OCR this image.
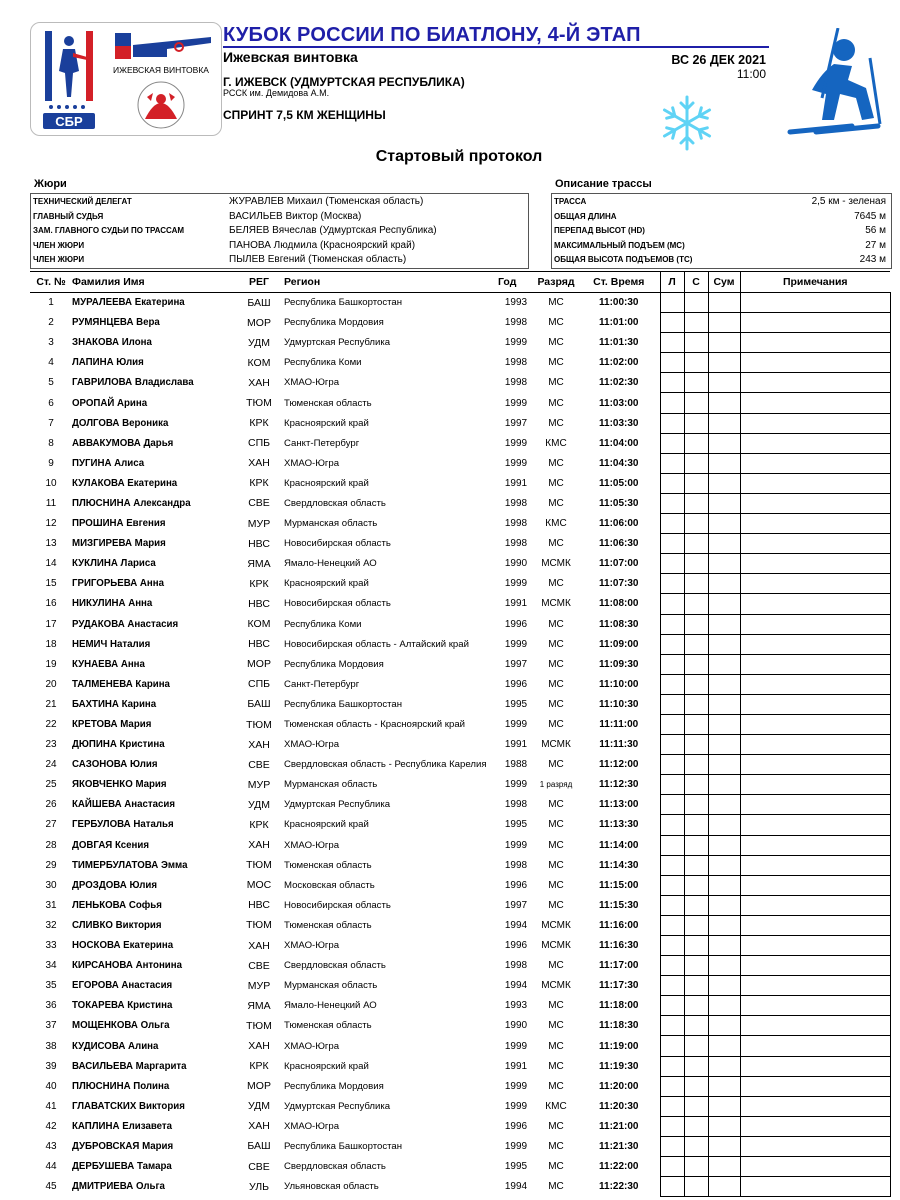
СБР
ИЖЕВСКАЯ ВИНТОВКА
КУБОК РОССИИ ПО БИАТЛОНУ, 4-Й ЭТАП
Ижевская винтовка
Г. ИЖЕВСК (УДМУРТСКАЯ РЕСПУБЛИКА)
РССК им. Демидова А.М.
СПРИНТ 7,5 КМ ЖЕНЩИНЫ
ВС 26 ДЕК 2021
11:00
Стартовый протокол
Жюри
ТЕХНИЧЕСКИЙ ДЕЛЕГАТ	ЖУРАВЛЕВ Михаил (Тюменская область)
ГЛАВНЫЙ СУДЬЯ	ВАСИЛЬЕВ Виктор (Москва)
ЗАМ. ГЛАВНОГО СУДЬИ ПО ТРАССАМ	БЕЛЯЕВ Вячеслав (Удмуртская Республика)
ЧЛЕН ЖЮРИ	ПАНОВА Людмила (Красноярский край)
ЧЛЕН ЖЮРИ	ПЫЛЕВ Евгений (Тюменская область)
Описание трассы
ТРАССА	2,5 км - зеленая
ОБЩАЯ ДЛИНА	7645 м
ПЕРЕПАД ВЫСОТ (HD)	56 м
МАКСИМАЛЬНЫЙ ПОДЪЕМ (МС)	27 м
ОБЩАЯ ВЫСОТА ПОДЪЕМОВ (ТС)	243 м
Ст. №	Фамилия Имя	РЕГ	Регион	Год	Разряд	Ст. Время	Л	С	Сум	Примечания
1	МУРАЛЕЕВА Екатерина	БАШ	Республика Башкортостан	1993	МС	11:00:30				
2	РУМЯНЦЕВА Вера	МОР	Республика Мордовия	1998	МС	11:01:00				
3	ЗНАКОВА Илона	УДМ	Удмуртская Республика	1999	МС	11:01:30				
4	ЛАПИНА Юлия	КОМ	Республика Коми	1998	МС	11:02:00				
5	ГАВРИЛОВА Владислава	ХАН	ХМАО-Югра	1998	МС	11:02:30				
6	ОРОПАЙ Арина	ТЮМ	Тюменская область	1999	МС	11:03:00				
7	ДОЛГОВА Вероника	КРК	Красноярский край	1997	МС	11:03:30				
8	АВВАКУМОВА Дарья	СПБ	Санкт-Петербург	1999	КМС	11:04:00				
9	ПУГИНА Алиса	ХАН	ХМАО-Югра	1999	МС	11:04:30				
10	КУЛАКОВА Екатерина	КРК	Красноярский край	1991	МС	11:05:00				
11	ПЛЮСНИНА Александра	СВЕ	Свердловская область	1998	МС	11:05:30				
12	ПРОШИНА Евгения	МУР	Мурманская область	1998	КМС	11:06:00				
13	МИЗГИРЕВА Мария	НВС	Новосибирская область	1998	МС	11:06:30				
14	КУКЛИНА Лариса	ЯМА	Ямало-Ненецкий АО	1990	МСМК	11:07:00				
15	ГРИГОРЬЕВА Анна	КРК	Красноярский край	1999	МС	11:07:30				
16	НИКУЛИНА Анна	НВС	Новосибирская область	1991	МСМК	11:08:00				
17	РУДАКОВА Анастасия	КОМ	Республика Коми	1996	МС	11:08:30				
18	НЕМИЧ Наталия	НВС	Новосибирская область - Алтайский край	1999	МС	11:09:00				
19	КУНАЕВА Анна	МОР	Республика Мордовия	1997	МС	11:09:30				
20	ТАЛМЕНЕВА Карина	СПБ	Санкт-Петербург	1996	МС	11:10:00				
21	БАХТИНА Карина	БАШ	Республика Башкортостан	1995	МС	11:10:30				
22	КРЕТОВА Мария	ТЮМ	Тюменская область - Красноярский край	1999	МС	11:11:00				
23	ДЮПИНА Кристина	ХАН	ХМАО-Югра	1991	МСМК	11:11:30				
24	САЗОНОВА Юлия	СВЕ	Свердловская область - Республика Карелия	1988	МС	11:12:00				
25	ЯКОВЧЕНКО Мария	МУР	Мурманская область	1999	1 разряд	11:12:30				
26	КАЙШЕВА Анастасия	УДМ	Удмуртская Республика	1998	МС	11:13:00				
27	ГЕРБУЛОВА Наталья	КРК	Красноярский край	1995	МС	11:13:30				
28	ДОВГАЯ Ксения	ХАН	ХМАО-Югра	1999	МС	11:14:00				
29	ТИМЕРБУЛАТОВА Эмма	ТЮМ	Тюменская область	1998	МС	11:14:30				
30	ДРОЗДОВА Юлия	МОС	Московская область	1996	МС	11:15:00				
31	ЛЕНЬКОВА Софья	НВС	Новосибирская область	1997	МС	11:15:30				
32	СЛИВКО Виктория	ТЮМ	Тюменская область	1994	МСМК	11:16:00				
33	НОСКОВА Екатерина	ХАН	ХМАО-Югра	1996	МСМК	11:16:30				
34	КИРСАНОВА Антонина	СВЕ	Свердловская область	1998	МС	11:17:00				
35	ЕГОРОВА Анастасия	МУР	Мурманская область	1994	МСМК	11:17:30				
36	ТОКАРЕВА Кристина	ЯМА	Ямало-Ненецкий АО	1993	МС	11:18:00				
37	МОЩЕНКОВА Ольга	ТЮМ	Тюменская область	1990	МС	11:18:30				
38	КУДИСОВА Алина	ХАН	ХМАО-Югра	1999	МС	11:19:00				
39	ВАСИЛЬЕВА Маргарита	КРК	Красноярский край	1991	МС	11:19:30				
40	ПЛЮСНИНА Полина	МОР	Республика Мордовия	1999	МС	11:20:00				
41	ГЛАВАТСКИХ Виктория	УДМ	Удмуртская Республика	1999	КМС	11:20:30				
42	КАПЛИНА Елизавета	ХАН	ХМАО-Югра	1996	МС	11:21:00				
43	ДУБРОВСКАЯ Мария	БАШ	Республика Башкортостан	1999	МС	11:21:30				
44	ДЕРБУШЕВА Тамара	СВЕ	Свердловская область	1995	МС	11:22:00				
45	ДМИТРИЕВА Ольга	УЛЬ	Ульяновская область	1994	МС	11:22:30				
